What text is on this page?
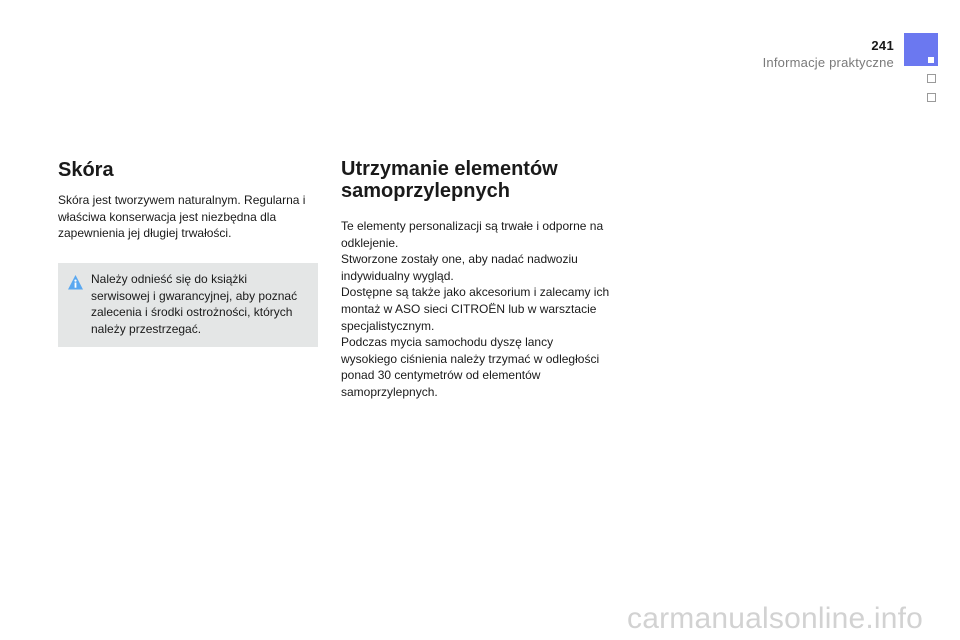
241
Informacje praktyczne
Skóra

Skóra jest tworzywem naturalnym. Regularna i właściwa konserwacja jest niezbędna dla zapewnienia jej długiej trwałości.

Należy odnieść się do książki serwisowej i gwarancyjnej, aby poznać zalecenia i środki ostrożności, których należy przestrzegać.

Utrzymanie elementów
samoprzylepnych

Te elementy personalizacji są trwałe i odporne na odklejenie.

Stworzone zostały one, aby nadać nadwoziu indywidualny wygląd.

Dostępne są także jako akcesorium i zalecamy ich montaż w ASO sieci CITROËN lub w warsztacie specjalistycznym.

Podczas mycia samochodu dyszę lancy wysokiego ciśnienia należy trzymać w odległości ponad 30 centymetrów od elementów samoprzylepnych.

carmanualsonline.info
